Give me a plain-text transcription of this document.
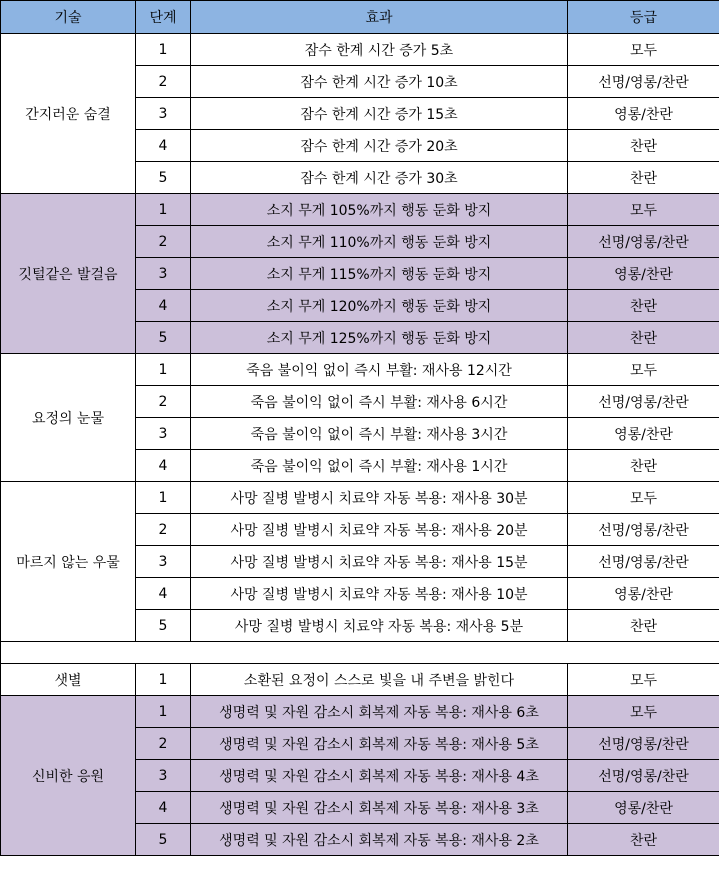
기술	단계	효과	등급
간지러운 숨결	1	잠수 한계 시간 증가 5초	모두
	2	잠수 한계 시간 증가 10초	선명/영롱/찬란
	3	잠수 한계 시간 증가 15초	영롱/찬란
	4	잠수 한계 시간 증가 20초	찬란
	5	잠수 한계 시간 증가 30초	찬란
깃털같은 발걸음	1	소지 무게 105%까지 행동 둔화 방지	모두
	2	소지 무게 110%까지 행동 둔화 방지	선명/영롱/찬란
	3	소지 무게 115%까지 행동 둔화 방지	영롱/찬란
	4	소지 무게 120%까지 행동 둔화 방지	찬란
	5	소지 무게 125%까지 행동 둔화 방지	찬란
요정의 눈물	1	죽음 불이익 없이 즉시 부활: 재사용 12시간	모두
	2	죽음 불이익 없이 즉시 부활: 재사용 6시간	선명/영롱/찬란
	3	죽음 불이익 없이 즉시 부활: 재사용 3시간	영롱/찬란
	4	죽음 불이익 없이 즉시 부활: 재사용 1시간	찬란
마르지 않는 우물	1	사망 질병 발병시 치료약 자동 복용: 재사용 30분	모두
	2	사망 질병 발병시 치료약 자동 복용: 재사용 20분	선명/영롱/찬란
	3	사망 질병 발병시 치료약 자동 복용: 재사용 15분	선명/영롱/찬란
	4	사망 질병 발병시 치료약 자동 복용: 재사용 10분	영롱/찬란
	5	사망 질병 발병시 치료약 자동 복용: 재사용 5분	찬란

샛별	1	소환된 요정이 스스로 빛을 내 주변을 밝힌다	모두
신비한 응원	1	생명력 및 자원 감소시 회복제 자동 복용: 재사용 6초	모두
	2	생명력 및 자원 감소시 회복제 자동 복용: 재사용 5초	선명/영롱/찬란
	3	생명력 및 자원 감소시 회복제 자동 복용: 재사용 4초	선명/영롱/찬란
	4	생명력 및 자원 감소시 회복제 자동 복용: 재사용 3초	영롱/찬란
	5	생명력 및 자원 감소시 회복제 자동 복용: 재사용 2초	찬란
